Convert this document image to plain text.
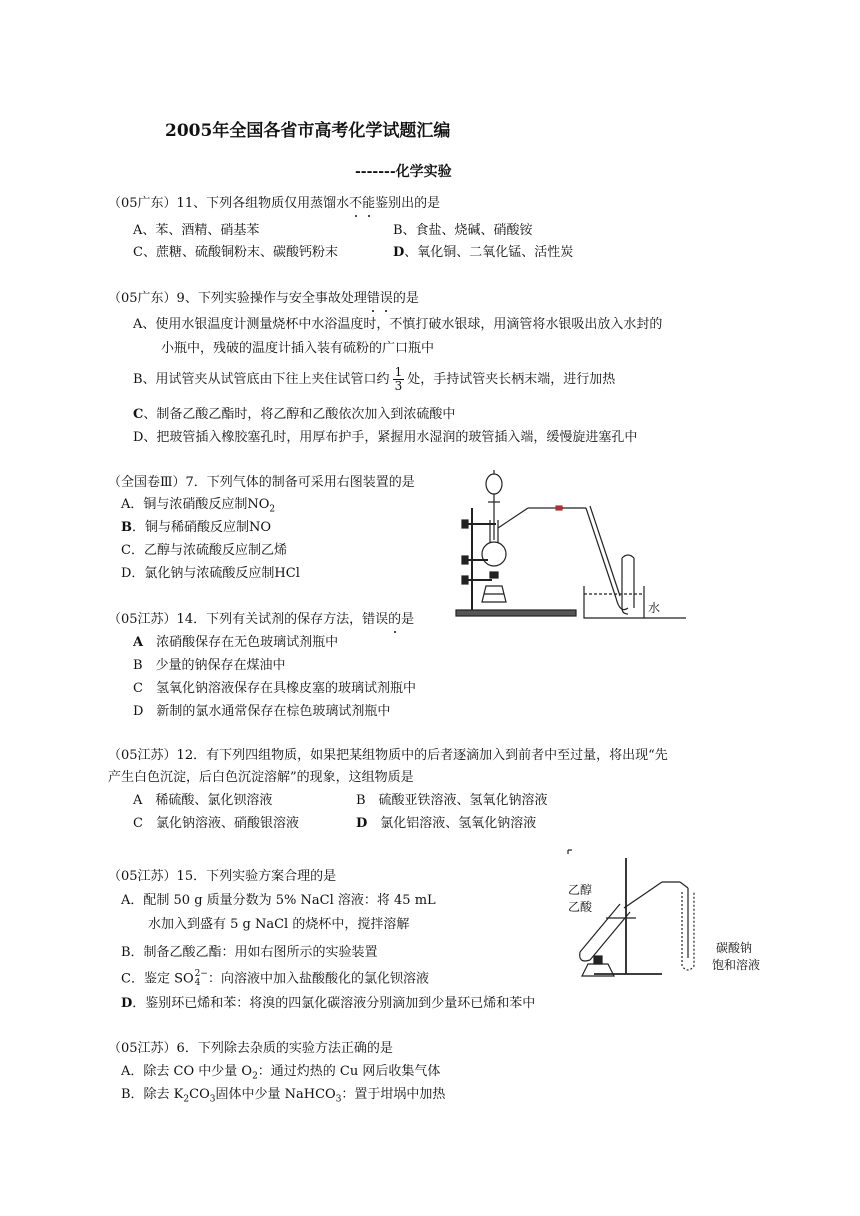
2005年全国各省市高考化学试题汇编
-------化学实验
（05广东）11、下列各组物质仅用蒸馏水不能鉴别出的是
A、苯、酒精、硝基苯	B、食盐、烧碱、硝酸铵
C、蔗糖、硫酸铜粉末、碳酸钙粉末	D、氧化铜、二氧化锰、活性炭
（05广东）9、下列实验操作与安全事故处理错误的是
A、使用水银温度计测量烧杯中水浴温度时，不慎打破水银球，用滴管将水银吸出放入水封的
小瓶中，残破的温度计插入装有硫粉的广口瓶中
B、用试管夹从试管底由下往上夹住试管口约 $\frac{1}{3}$ 处，手持试管夹长柄末端，进行加热
C、制备乙酸乙酯时，将乙醇和乙酸依次加入到浓硫酸中
D、把玻管插入橡胶塞孔时，用厚布护手，紧握用水湿润的玻管插入端，缓慢旋进塞孔中
（全国卷Ⅲ）7．下列气体的制备可采用右图装置的是
A．铜与浓硝酸反应制$NO_2$
B．铜与稀硝酸反应制NO
C．乙醇与浓硫酸反应制乙烯
D．氯化钠与浓硫酸反应制HCl
水
（05江苏）14．下列有关试剂的保存方法，错误的是
A　 浓硝酸保存在无色玻璃试剂瓶中
B　少量的钠保存在煤油中
C　氢氧化钠溶液保存在具橡皮塞的玻璃试剂瓶中
D　新制的氯水通常保存在棕色玻璃试剂瓶中
（05江苏）12．有下列四组物质，如果把某组物质中的后者逐滴加入到前者中至过量，将出现“先
产生白色沉淀，后白色沉淀溶解”的现象，这组物质是
A　稀硫酸、氯化钡溶液	B　硫酸亚铁溶液、氢氧化钠溶液
C　氯化钠溶液、硝酸银溶液	D　 氯化铝溶液、氢氧化钠溶液
（05江苏）15．下列实验方案合理的是
A．配制 50 g 质量分数为 5% NaCl 溶液：将 45 mL
水加入到盛有 5 g NaCl 的烧杯中，搅拌溶解
B．制备乙酸乙酯：用如右图所示的实验装置
C．鉴定 SO 2−
4 ：向溶液中加入盐酸酸化的氯化钡溶液
D．鉴别环已烯和苯：将溴的四氯化碳溶液分别滴加到少量环已烯和苯中
乙醇
乙酸
碳酸钠
饱和溶液
（05江苏）6．下列除去杂质的实验方法正确的是
A．除去 CO 中少量 $O_2$：通过灼热的 Cu 网后收集气体
B．除去 $K_2CO_3$固体中少量 NaHCO$_3$：置于坩埚中加热
